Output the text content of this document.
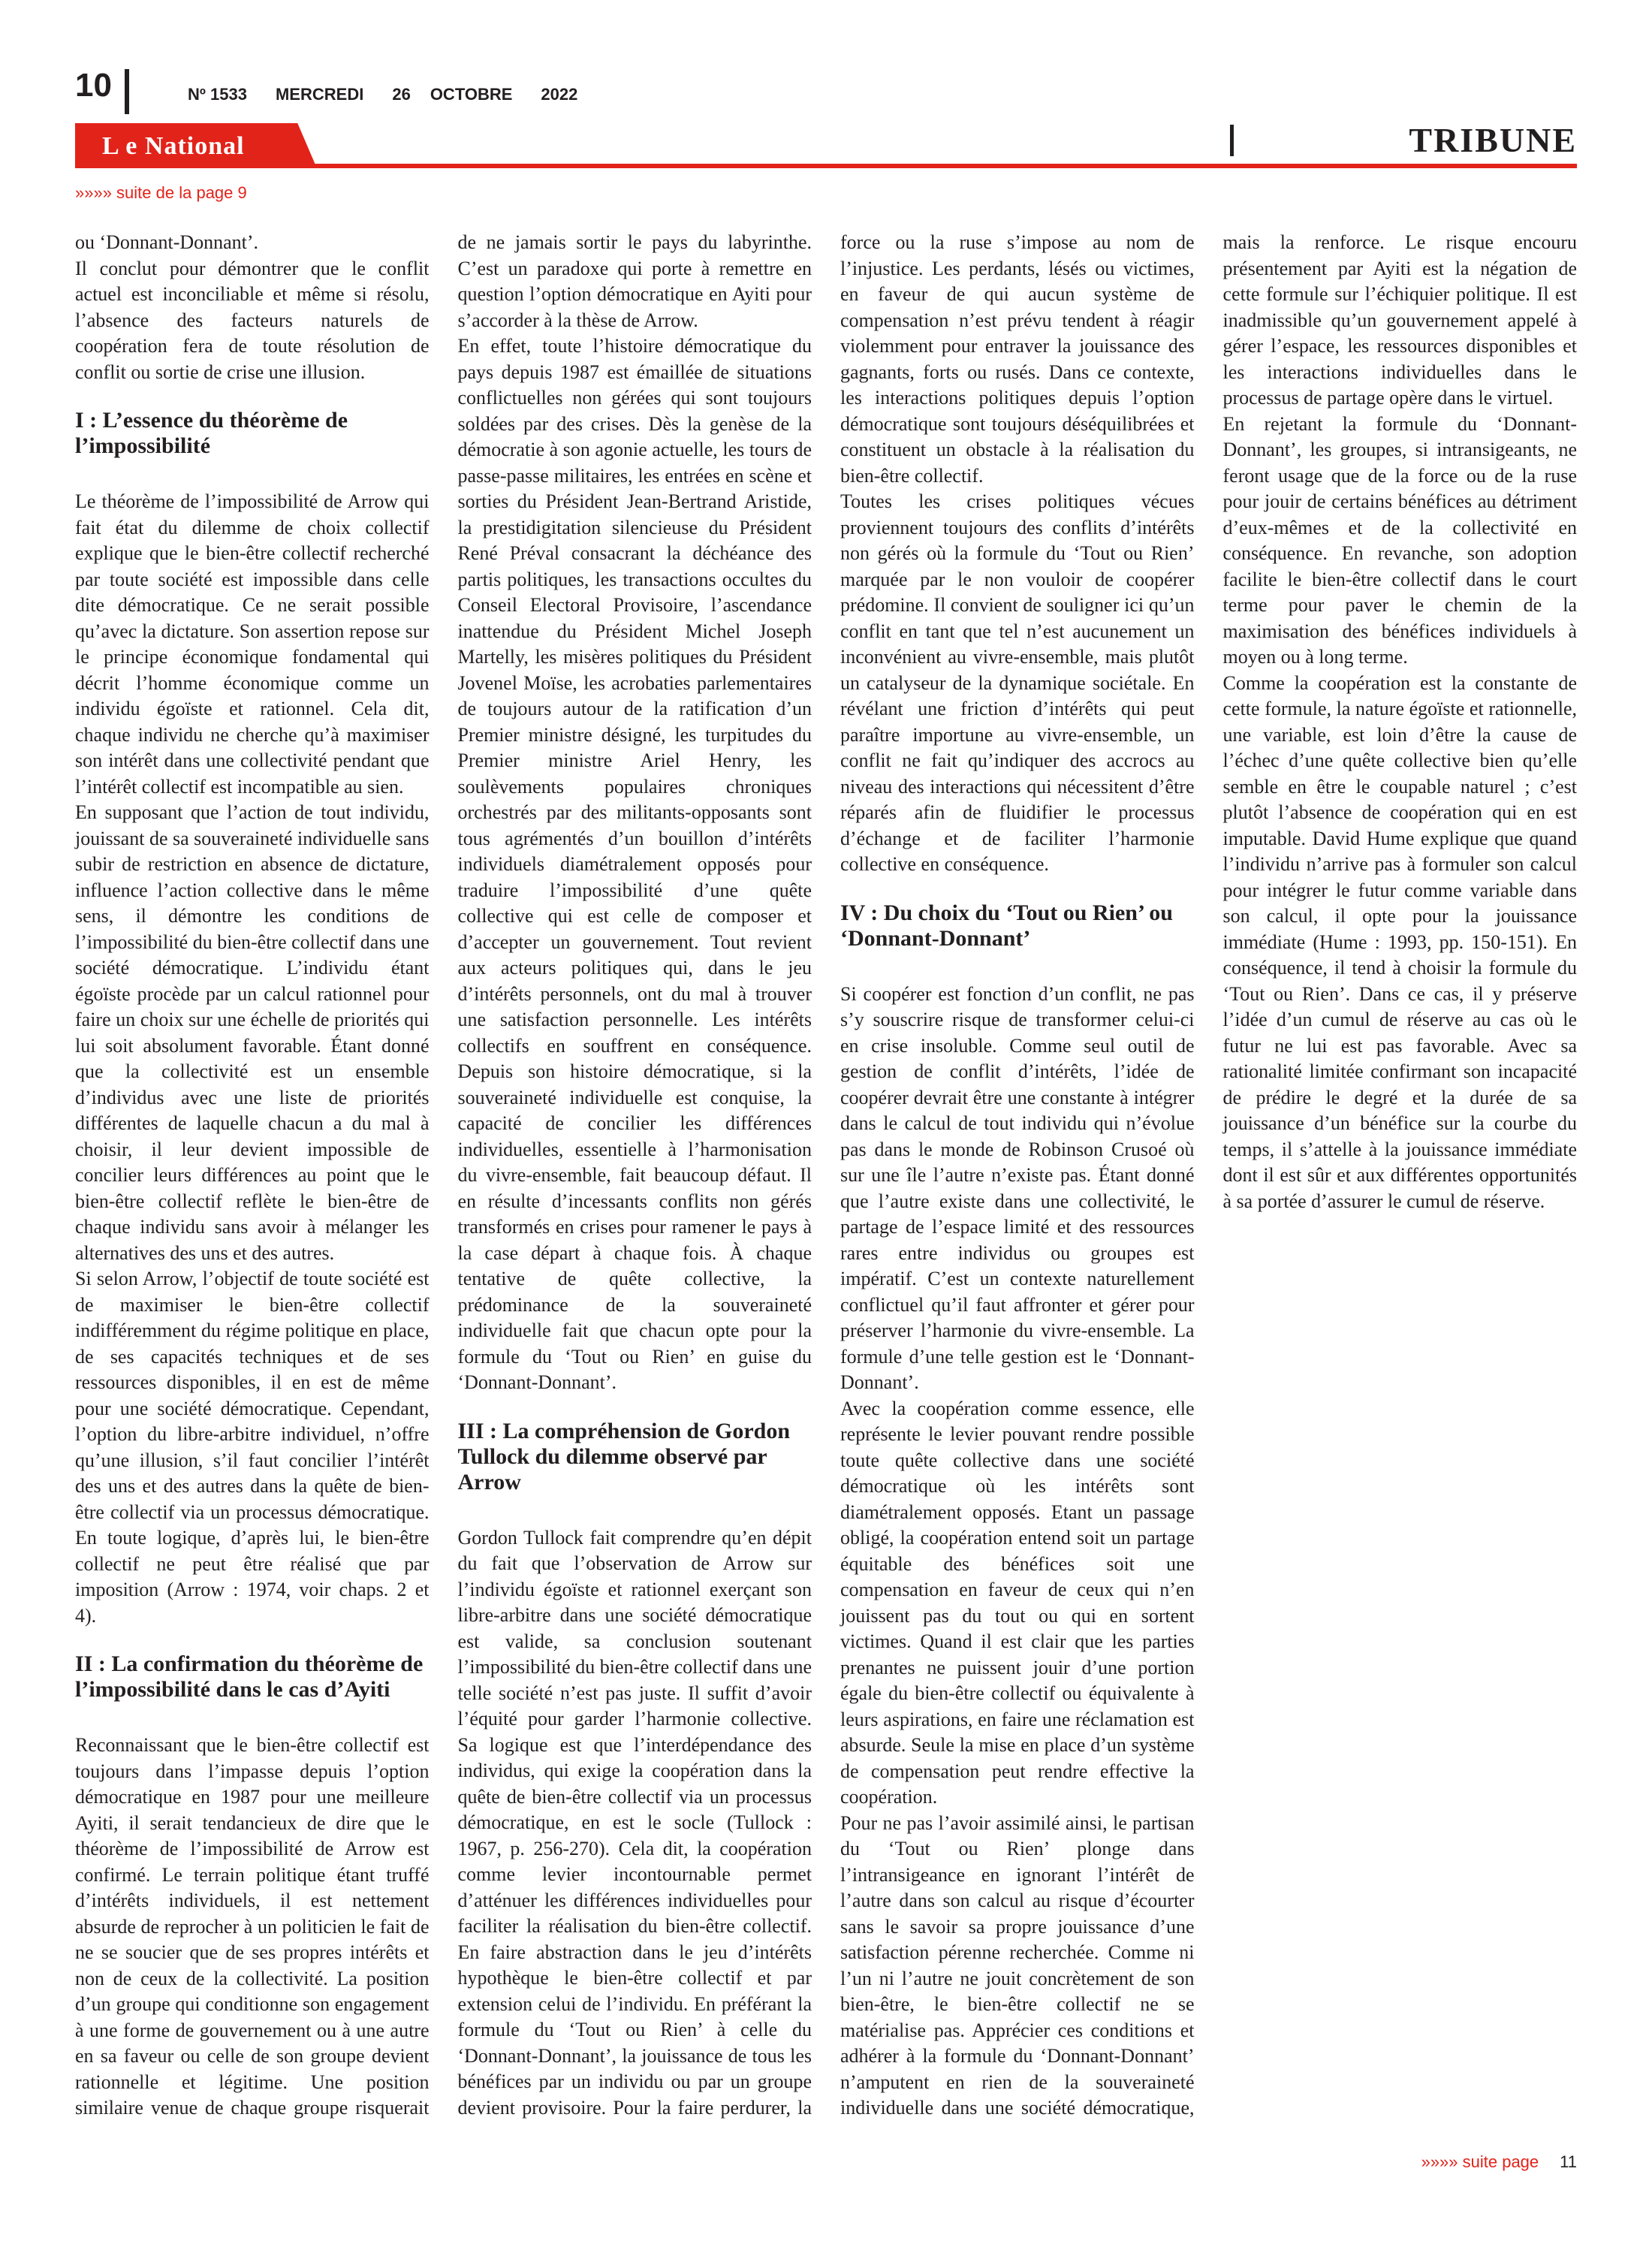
10	Nº 1533 MERCREDI 26 OCTOBRE 2022
L e National	TRIBUNE
»»»» suite de la page 9

ou ‘Donnant-Donnant’.

Il conclut pour démontrer que le conflit actuel est inconciliable et même si résolu, l’absence des facteurs naturels de coopération fera de toute résolution de conflit ou sortie de crise une illusion.

I : L’essence du théorème de l’impossibilité

Le théorème de l’impossibilité de Arrow qui fait état du dilemme de choix collectif explique que le bien-être collectif recherché par toute société est impossible dans celle dite démocratique. Ce ne serait possible qu’avec la dictature. Son assertion repose sur le principe économique fondamental qui décrit l’homme économique comme un individu égoïste et rationnel. Cela dit, chaque individu ne cherche qu’à maximiser son intérêt dans une collectivité pendant que l’intérêt collectif est incompatible au sien.

En supposant que l’action de tout individu, jouissant de sa souveraineté individuelle sans subir de restriction en absence de dictature, influence l’action collective dans le même sens, il démontre les conditions de l’impossibilité du bien-être collectif dans une société démocratique. L’individu étant égoïste procède par un calcul rationnel pour faire un choix sur une échelle de priorités qui lui soit absolument favorable. Étant donné que la collectivité est un ensemble d’individus avec une liste de priorités différentes de laquelle chacun a du mal à choisir, il leur devient impossible de concilier leurs différences au point que le bien-être collectif reflète le bien-être de chaque individu sans avoir à mélanger les alternatives des uns et des autres.

Si selon Arrow, l’objectif de toute société est de maximiser le bien-être collectif indifféremment du régime politique en place, de ses capacités techniques et de ses ressources disponibles, il en est de même pour une société démocratique. Cependant, l’option du libre-arbitre individuel, n’offre qu’une illusion, s’il faut concilier l’intérêt des uns et des autres dans la quête de bien-être collectif via un processus démocratique. En toute logique, d’après lui, le bien-être collectif ne peut être réalisé que par imposition (Arrow : 1974, voir chaps. 2 et 4).

II : La confirmation du théorème de l’impossibilité dans le cas d’Ayiti

Reconnaissant que le bien-être collectif est toujours dans l’impasse depuis l’option démocratique en 1987 pour une meilleure Ayiti, il serait tendancieux de dire que le théorème de l’impossibilité de Arrow est confirmé. Le terrain politique étant truffé d’intérêts individuels, il est nettement absurde de reprocher à un politicien le fait de ne se soucier que de ses propres intérêts et non de ceux de la collectivité. La position d’un groupe qui conditionne son engagement à une forme de gouvernement ou à une autre en sa faveur ou celle de son groupe devient rationnelle et légitime. Une position similaire venue de chaque groupe risquerait de ne jamais sortir le pays du labyrinthe. C’est un paradoxe qui porte à remettre en question l’option démocratique en Ayiti pour s’accorder à la thèse de Arrow.

En effet, toute l’histoire démocratique du pays depuis 1987 est émaillée de situations conflictuelles non gérées qui sont toujours soldées par des crises. Dès la genèse de la démocratie à son agonie actuelle, les tours de passe-passe militaires, les entrées en scène et sorties du Président Jean-Bertrand Aristide, la prestidigitation silencieuse du Président René Préval consacrant la déchéance des partis politiques, les transactions occultes du Conseil Electoral Provisoire, l’ascendance inattendue du Président Michel Joseph Martelly, les misères politiques du Président Jovenel Moïse, les acrobaties parlementaires de toujours autour de la ratification d’un Premier ministre désigné, les turpitudes du Premier ministre Ariel Henry, les soulèvements populaires chroniques orchestrés par des militants-opposants sont tous agrémentés d’un bouillon d’intérêts individuels diamétralement opposés pour traduire l’impossibilité d’une quête collective qui est celle de composer et d’accepter un gouvernement. Tout revient aux acteurs politiques qui, dans le jeu d’intérêts personnels, ont du mal à trouver une satisfaction personnelle. Les intérêts collectifs en souffrent en conséquence. Depuis son histoire démocratique, si la souveraineté individuelle est conquise, la capacité de concilier les différences individuelles, essentielle à l’harmonisation du vivre-ensemble, fait beaucoup défaut. Il en résulte d’incessants conflits non gérés transformés en crises pour ramener le pays à la case départ à chaque fois. À chaque tentative de quête collective, la prédominance de la souveraineté individuelle fait que chacun opte pour la formule du ‘Tout ou Rien’ en guise du ‘Donnant-Donnant’.

III : La compréhension de Gordon Tullock du dilemme observé par Arrow

Gordon Tullock fait comprendre qu’en dépit du fait que l’observation de Arrow sur l’individu égoïste et rationnel exerçant son libre-arbitre dans une société démocratique est valide, sa conclusion soutenant l’impossibilité du bien-être collectif dans une telle société n’est pas juste. Il suffit d’avoir l’équité pour garder l’harmonie collective. Sa logique est que l’interdépendance des individus, qui exige la coopération dans la quête de bien-être collectif via un processus démocratique, en est le socle (Tullock : 1967, p. 256-270). Cela dit, la coopération comme levier incontournable permet d’atténuer les différences individuelles pour faciliter la réalisation du bien-être collectif. En faire abstraction dans le jeu d’intérêts hypothèque le bien-être collectif et par extension celui de l’individu. En préférant la formule du ‘Tout ou Rien’ à celle du ‘Donnant-Donnant’, la jouissance de tous les bénéfices par un individu ou par un groupe devient provisoire. Pour la faire perdurer, la force ou la ruse s’impose au nom de l’injustice. Les perdants, lésés ou victimes, en faveur de qui aucun système de compensation n’est prévu tendent à réagir violemment pour entraver la jouissance des gagnants, forts ou rusés. Dans ce contexte, les interactions politiques depuis l’option démocratique sont toujours déséquilibrées et constituent un obstacle à la réalisation du bien-être collectif.

Toutes les crises politiques vécues proviennent toujours des conflits d’intérêts non gérés où la formule du ‘Tout ou Rien’ marquée par le non vouloir de coopérer prédomine. Il convient de souligner ici qu’un conflit en tant que tel n’est aucunement un inconvénient au vivre-ensemble, mais plutôt un catalyseur de la dynamique sociétale. En révélant une friction d’intérêts qui peut paraître importune au vivre-ensemble, un conflit ne fait qu’indiquer des accrocs au niveau des interactions qui nécessitent d’être réparés afin de fluidifier le processus d’échange et de faciliter l’harmonie collective en conséquence.

IV : Du choix du ‘Tout ou Rien’ ou ‘Donnant-Donnant’

Si coopérer est fonction d’un conflit, ne pas s’y souscrire risque de transformer celui-ci en crise insoluble. Comme seul outil de gestion de conflit d’intérêts, l’idée de coopérer devrait être une constante à intégrer dans le calcul de tout individu qui n’évolue pas dans le monde de Robinson Crusoé où sur une île l’autre n’existe pas. Étant donné que l’autre existe dans une collectivité, le partage de l’espace limité et des ressources rares entre individus ou groupes est impératif. C’est un contexte naturellement conflictuel qu’il faut affronter et gérer pour préserver l’harmonie du vivre-ensemble. La formule d’une telle gestion est le ‘Donnant-Donnant’.

Avec la coopération comme essence, elle représente le levier pouvant rendre possible toute quête collective dans une société démocratique où les intérêts sont diamétralement opposés. Etant un passage obligé, la coopération entend soit un partage équitable des bénéfices soit une compensation en faveur de ceux qui n’en jouissent pas du tout ou qui en sortent victimes. Quand il est clair que les parties prenantes ne puissent jouir d’une portion égale du bien-être collectif ou équivalente à leurs aspirations, en faire une réclamation est absurde. Seule la mise en place d’un système de compensation peut rendre effective la coopération.

Pour ne pas l’avoir assimilé ainsi, le partisan du ‘Tout ou Rien’ plonge dans l’intransigeance en ignorant l’intérêt de l’autre dans son calcul au risque d’écourter sans le savoir sa propre jouissance d’une satisfaction pérenne recherchée. Comme ni l’un ni l’autre ne jouit concrètement de son bien-être, le bien-être collectif ne se matérialise pas. Apprécier ces conditions et adhérer à la formule du ‘Donnant-Donnant’ n’amputent en rien de la souveraineté individuelle dans une société démocratique, mais la renforce. Le risque encouru présentement par Ayiti est la négation de cette formule sur l’échiquier politique. Il est inadmissible qu’un gouvernement appelé à gérer l’espace, les ressources disponibles et les interactions individuelles dans le processus de partage opère dans le virtuel.

En rejetant la formule du ‘Donnant-Donnant’, les groupes, si intransigeants, ne feront usage que de la force ou de la ruse pour jouir de certains bénéfices au détriment d’eux-mêmes et de la collectivité en conséquence. En revanche, son adoption facilite le bien-être collectif dans le court terme pour paver le chemin de la maximisation des bénéfices individuels à moyen ou à long terme.

Comme la coopération est la constante de cette formule, la nature égoïste et rationnelle, une variable, est loin d’être la cause de l’échec d’une quête collective bien qu’elle semble en être le coupable naturel ; c’est plutôt l’absence de coopération qui en est imputable. David Hume explique que quand l’individu n’arrive pas à formuler son calcul pour intégrer le futur comme variable dans son calcul, il opte pour la jouissance immédiate (Hume : 1993, pp. 150-151). En conséquence, il tend à choisir la formule du ‘Tout ou Rien’. Dans ce cas, il y préserve l’idée d’un cumul de réserve au cas où le futur ne lui est pas favorable. Avec sa rationalité limitée confirmant son incapacité de prédire le degré et la durée de sa jouissance d’un bénéfice sur la courbe du temps, il s’attelle à la jouissance immédiate dont il est sûr et aux différentes opportunités à sa portée d’assurer le cumul de réserve.

»»»» suite page 11
